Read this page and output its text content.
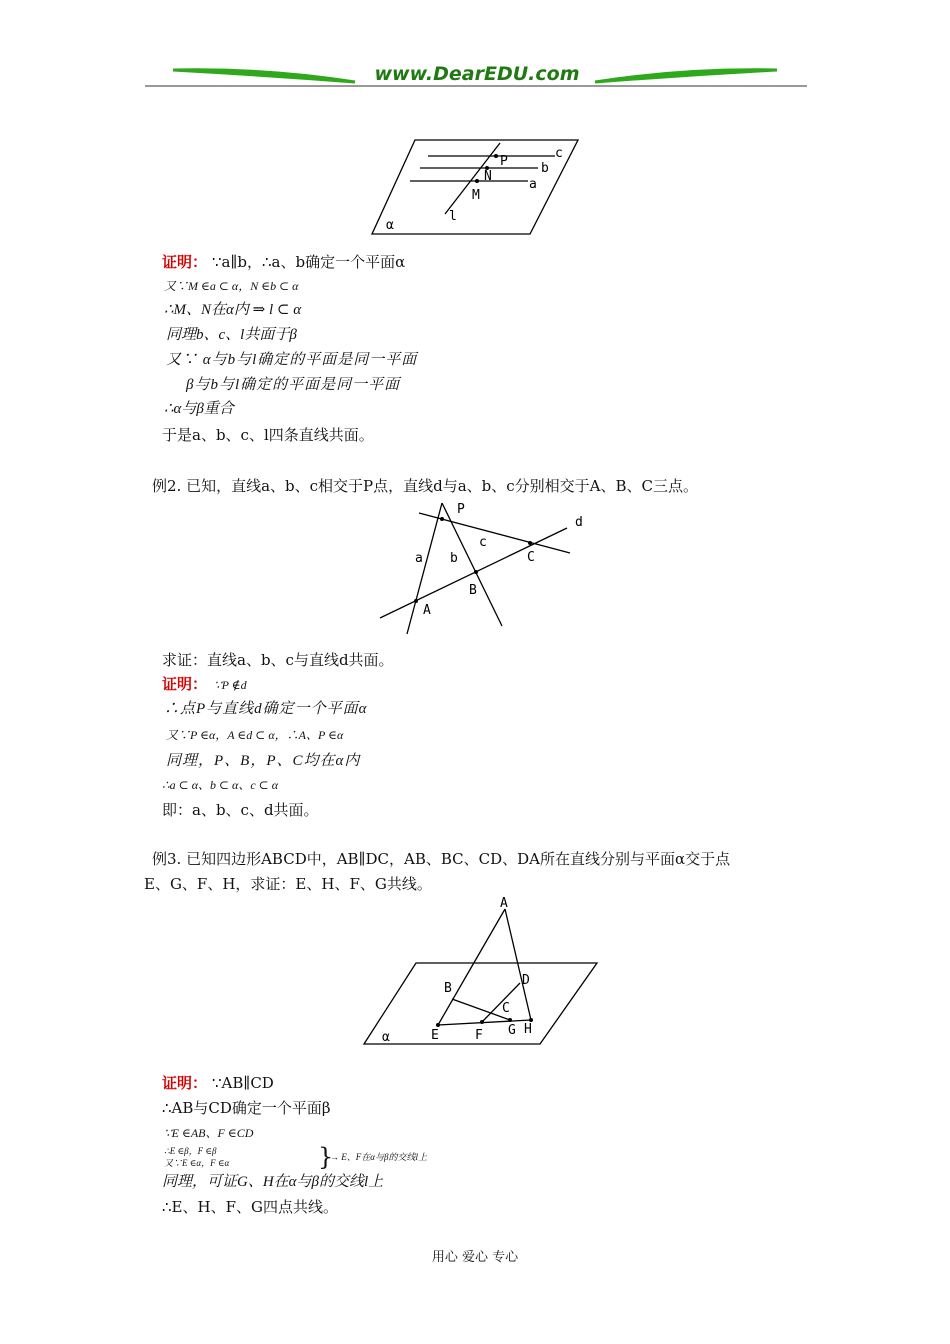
www.DearEDU.com
c
b
a
P
N
M
l
α
证明： ∵a∥b，∴a、b确定一个平面α
又∵M ∈a ⊂ α，N ∈b ⊂ α
∴M、N在α内 ⇒ l ⊂ α
同理b、c、l共面于β
又∵ α与b与l确定的平面是同一平面
β与b与l确定的平面是同一平面
∴α与β重合
于是a、b、c、l四条直线共面。
例2. 已知，直线a、b、c相交于P点，直线d与a、b、c分别相交于A、B、C三点。
P
d
a b
c
C
B
A
求证：直线a、b、c与直线d共面。
证明： ∵P ∉d
∴点P与直线d确定一个平面α
又∵P ∈α，A ∈d ⊂ α，∴A、P ∈α
同理，P、B，P、C均在α内
∴a ⊂ α、b ⊂ α、c ⊂ α
即：a、b、c、d共面。
例3. 已知四边形ABCD中，AB∥DC，AB、BC、CD、DA所在直线分别与平面α交于点
E、G、F、H，求证：E、H、F、G共线。
A
B
D
C
E	F G H
α
证明： ∵AB∥CD
∴AB与CD确定一个平面β
∵E ∈AB、F ∈CD
∴E ∈β，F ∈β
又∵E ∈α，F ∈α	}
→ E、F在α与β的交线l上
同理，可证G、H在α与β的交线l上
∴E、H、F、G四点共线。
用心 爱心 专心
